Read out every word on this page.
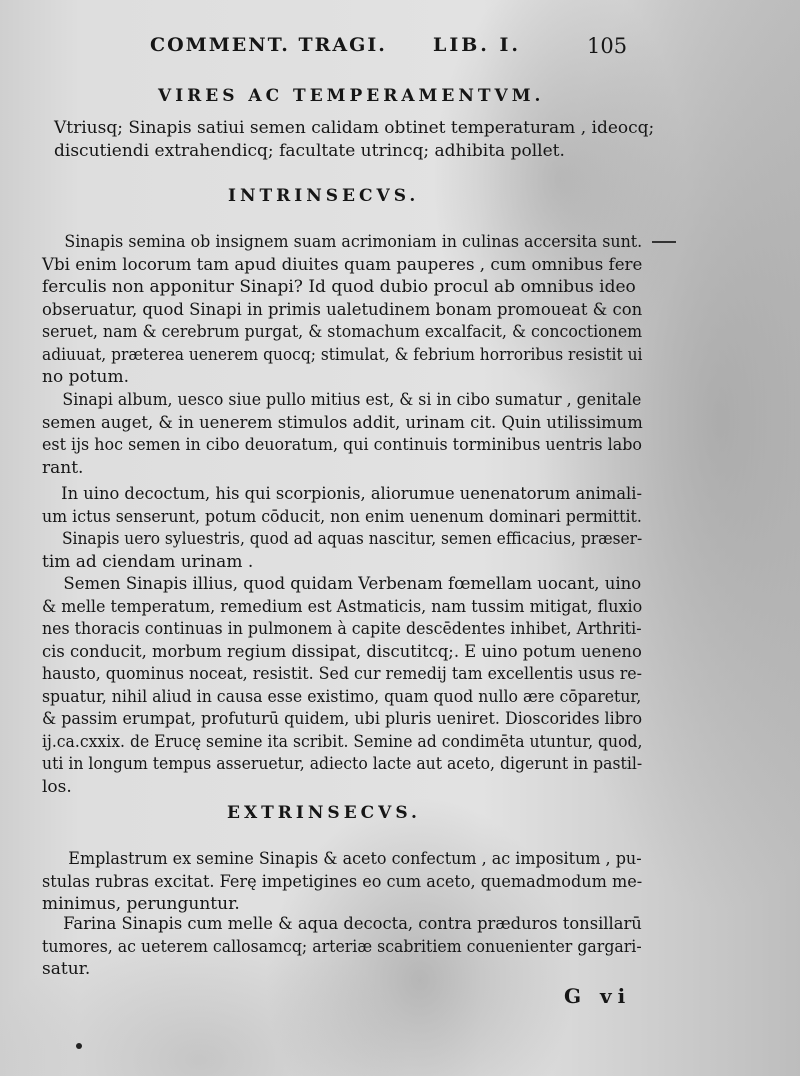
COMMENT. TRAGI. LIB. I.	105
VIRES AC TEMPERAMENTVM.
Vtriusq; Sinapis satiui semen calidam obtinet temperaturam , ideocq;
discutiendi extrahendicq; facultate utrincq; adhibita pollet.
INTRINSECVS.
Sinapis semina ob insignem suam acrimoniam in culinas accersita sunt.
Vbi enim locorum tam apud diuites quam pauperes , cum omnibus fere
ferculis non apponitur Sinapi? Id quod dubio procul ab omnibus ideo
obseruatur, quod Sinapi in primis ualetudinem bonam promoueat & con
seruet, nam & cerebrum purgat, & stomachum excalfacit, & concoctionem
adiuuat, præterea uenerem quocq; stimulat, & febrium horroribus resistit ui
no potum.
Sinapi album, uesco siue pullo mitius est, & si in cibo sumatur , genitale
semen auget, & in uenerem stimulos addit, urinam cit. Quin utilissimum
est ijs hoc semen in cibo deuoratum, qui continuis torminibus uentris labo
rant.
In uino decoctum, his qui scorpionis, aliorumue uenenatorum animali-
um ictus senserunt, potum cōducit, non enim uenenum dominari permittit.
Sinapis uero syluestris, quod ad aquas nascitur, semen efficacius, præser-
tim ad ciendam urinam .
Semen Sinapis illius, quod quidam Verbenam fœmellam uocant, uino
& melle temperatum, remedium est Astmaticis, nam tussim mitigat, fluxio
nes thoracis continuas in pulmonem à capite descēdentes inhibet, Arthriti-
cis conducit, morbum regium dissipat, discutitcq;. E uino potum ueneno
hausto, quominus noceat, resistit. Sed cur remedij tam excellentis usus re-
spuatur, nihil aliud in causa esse existimo, quam quod nullo ære cōparetur,
& passim erumpat, profuturū quidem, ubi pluris ueniret. Dioscorides libro
ij.ca.cxxix. de Erucę semine ita scribit. Semine ad condimēta utuntur, quod,
uti in longum tempus asseruetur, adiecto lacte aut aceto, digerunt in pastil-
los.
EXTRINSECVS.
Emplastrum ex semine Sinapis & aceto confectum , ac impositum , pu-
stulas rubras excitat. Ferę impetigines eo cum aceto, quemadmodum me-
minimus, perunguntur.
Farina Sinapis cum melle & aqua decocta, contra præduros tonsillarū
tumores, ac ueterem callosamcq; arteriæ scabritiem conuenienter gargari-
satur.
G vi
